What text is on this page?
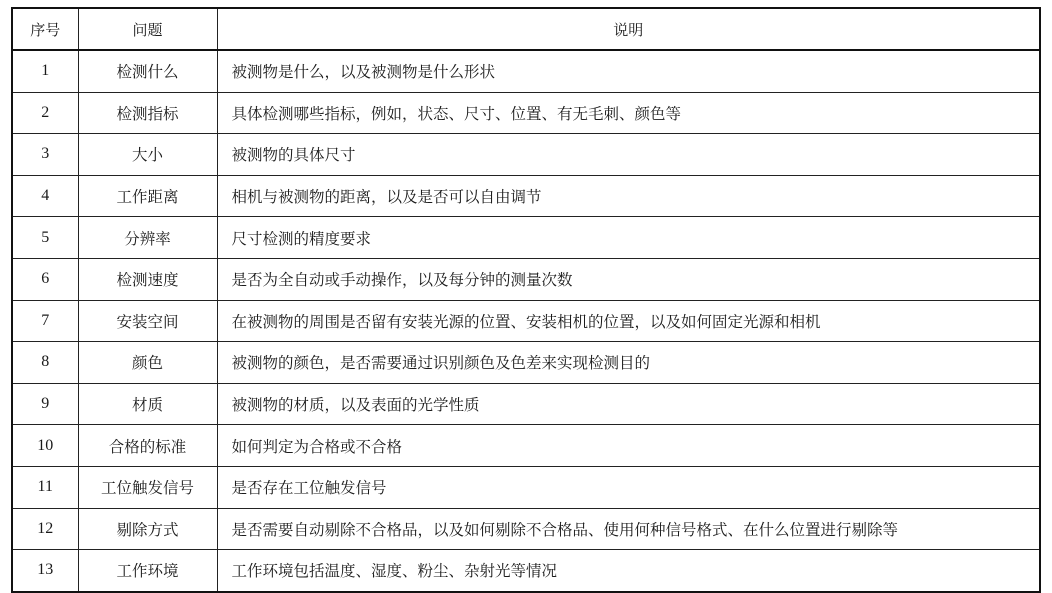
序号	问题	说明
1	检测什么	被测物是什么，以及被测物是什么形状
2	检测指标	具体检测哪些指标，例如，状态、尺寸、位置、有无毛刺、颜色等
3	大小	被测物的具体尺寸
4	工作距离	相机与被测物的距离，以及是否可以自由调节
5	分辨率	尺寸检测的精度要求
6	检测速度	是否为全自动或手动操作，以及每分钟的测量次数
7	安装空间	在被测物的周围是否留有安装光源的位置、安装相机的位置，以及如何固定光源和相机
8	颜色	被测物的颜色，是否需要通过识别颜色及色差来实现检测目的
9	材质	被测物的材质，以及表面的光学性质
10	合格的标准	如何判定为合格或不合格
11	工位触发信号	是否存在工位触发信号
12	剔除方式	是否需要自动剔除不合格品，以及如何剔除不合格品、使用何种信号格式、在什么位置进行剔除等
13	工作环境	工作环境包括温度、湿度、粉尘、杂射光等情况
